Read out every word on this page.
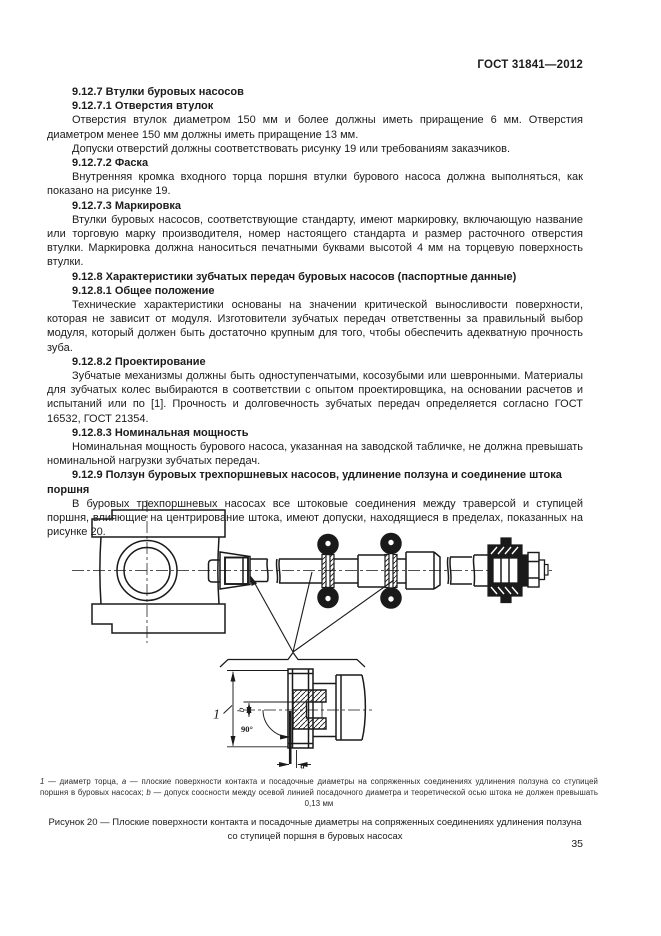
ГОСТ 31841—2012
9.12.7 Втулки буровых насосов
9.12.7.1 Отверстия втулок
Отверстия втулок диаметром 150 мм и более должны иметь приращение 6 мм. Отверстия диаметром менее 150 мм должны иметь приращение 13 мм.
Допуски отверстий должны соответствовать рисунку 19 или требованиям заказчиков.
9.12.7.2 Фаска
Внутренняя кромка входного торца поршня втулки бурового насоса должна выполняться, как показано на рисунке 19.
9.12.7.3 Маркировка
Втулки буровых насосов, соответствующие стандарту, имеют маркировку, включающую название или торговую марку производителя, номер настоящего стандарта и размер расточного отверстия втулки. Маркировка должна наноситься печатными буквами высотой 4 мм на торцевую поверхность втулки.
9.12.8 Характеристики зубчатых передач буровых насосов (паспортные данные)
9.12.8.1 Общее положение
Технические характеристики основаны на значении критической выносливости поверхности, которая не зависит от модуля. Изготовители зубчатых передач ответственны за правильный выбор модуля, который должен быть достаточно крупным для того, чтобы обеспечить адекватную прочность зуба.
9.12.8.2 Проектирование
Зубчатые механизмы должны быть одноступенчатыми, косозубыми или шевронными. Материалы для зубчатых колес выбираются в соответствии с опытом проектировщика, на основании расчетов и испытаний или по [1]. Прочность и долговечность зубчатых передач определяется согласно ГОСТ 16532, ГОСТ 21354.
9.12.8.3 Номинальная мощность
Номинальная мощность бурового насоса, указанная на заводской табличке, не должна превышать номинальной нагрузки зубчатых передач.
9.12.9 Ползун буровых трехпоршневых насосов, удлинение ползуна и соединение штока поршня
В буровых трехпоршневых насосах все штоковые соединения между траверсой и ступицей поршня, влияющие на центрирование штока, имеют допуски, находящиеся в пределах, показанных на рисунке 20.
1 b
90°
a
1 — диаметр торца, а — плоские поверхности контакта и посадочные диаметры на сопряженных соединениях удлинения ползуна со ступицей поршня в буровых насосах; b — допуск соосности между осевой линией посадочного диаметра и теоретической осью штока не должен превышать 0,13 мм
Рисунок 20 — Плоские поверхности контакта и посадочные диаметры на сопряженных соединениях удлинения ползуна со ступицей поршня в буровых насосах
35
